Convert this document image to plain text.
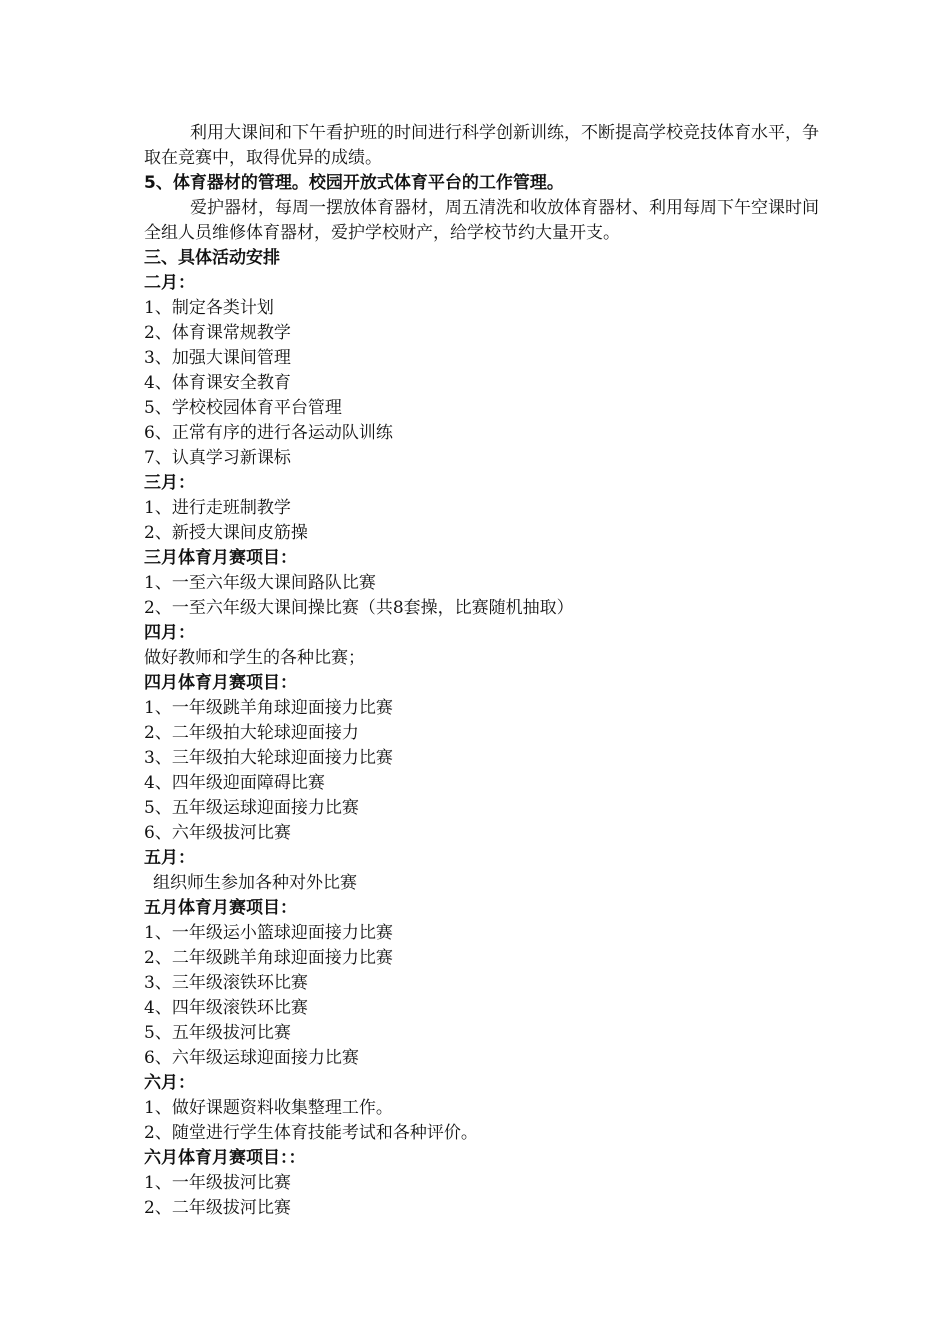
利用大课间和下午看护班的时间进行科学创新训练，不断提高学校竞技体育水平，争取在竞赛中，取得优异的成绩。
5、体育器材的管理。校园开放式体育平台的工作管理。
爱护器材，每周一摆放体育器材，周五清洗和收放体育器材、利用每周下午空课时间全组人员维修体育器材，爱护学校财产，给学校节约大量开支。
三、具体活动安排
二月：
1、制定各类计划
2、体育课常规教学
3、加强大课间管理
4、体育课安全教育
5、学校校园体育平台管理
6、正常有序的进行各运动队训练
7、认真学习新课标
三月：
1、进行走班制教学
2、新授大课间皮筋操
三月体育月赛项目：
1、一至六年级大课间路队比赛
2、一至六年级大课间操比赛（共8套操，比赛随机抽取）
四月：
做好教师和学生的各种比赛；
四月体育月赛项目：
1、一年级跳羊角球迎面接力比赛
2、二年级拍大轮球迎面接力
3、三年级拍大轮球迎面接力比赛
4、四年级迎面障碍比赛
5、五年级运球迎面接力比赛
6、六年级拔河比赛
五月：
组织师生参加各种对外比赛
五月体育月赛项目：
1、一年级运小篮球迎面接力比赛
2、二年级跳羊角球迎面接力比赛
3、三年级滚铁环比赛
4、四年级滚铁环比赛
5、五年级拔河比赛
6、六年级运球迎面接力比赛
六月：
1、做好课题资料收集整理工作。
2、随堂进行学生体育技能考试和各种评价。
六月体育月赛项目：：
1、一年级拔河比赛
2、二年级拔河比赛
